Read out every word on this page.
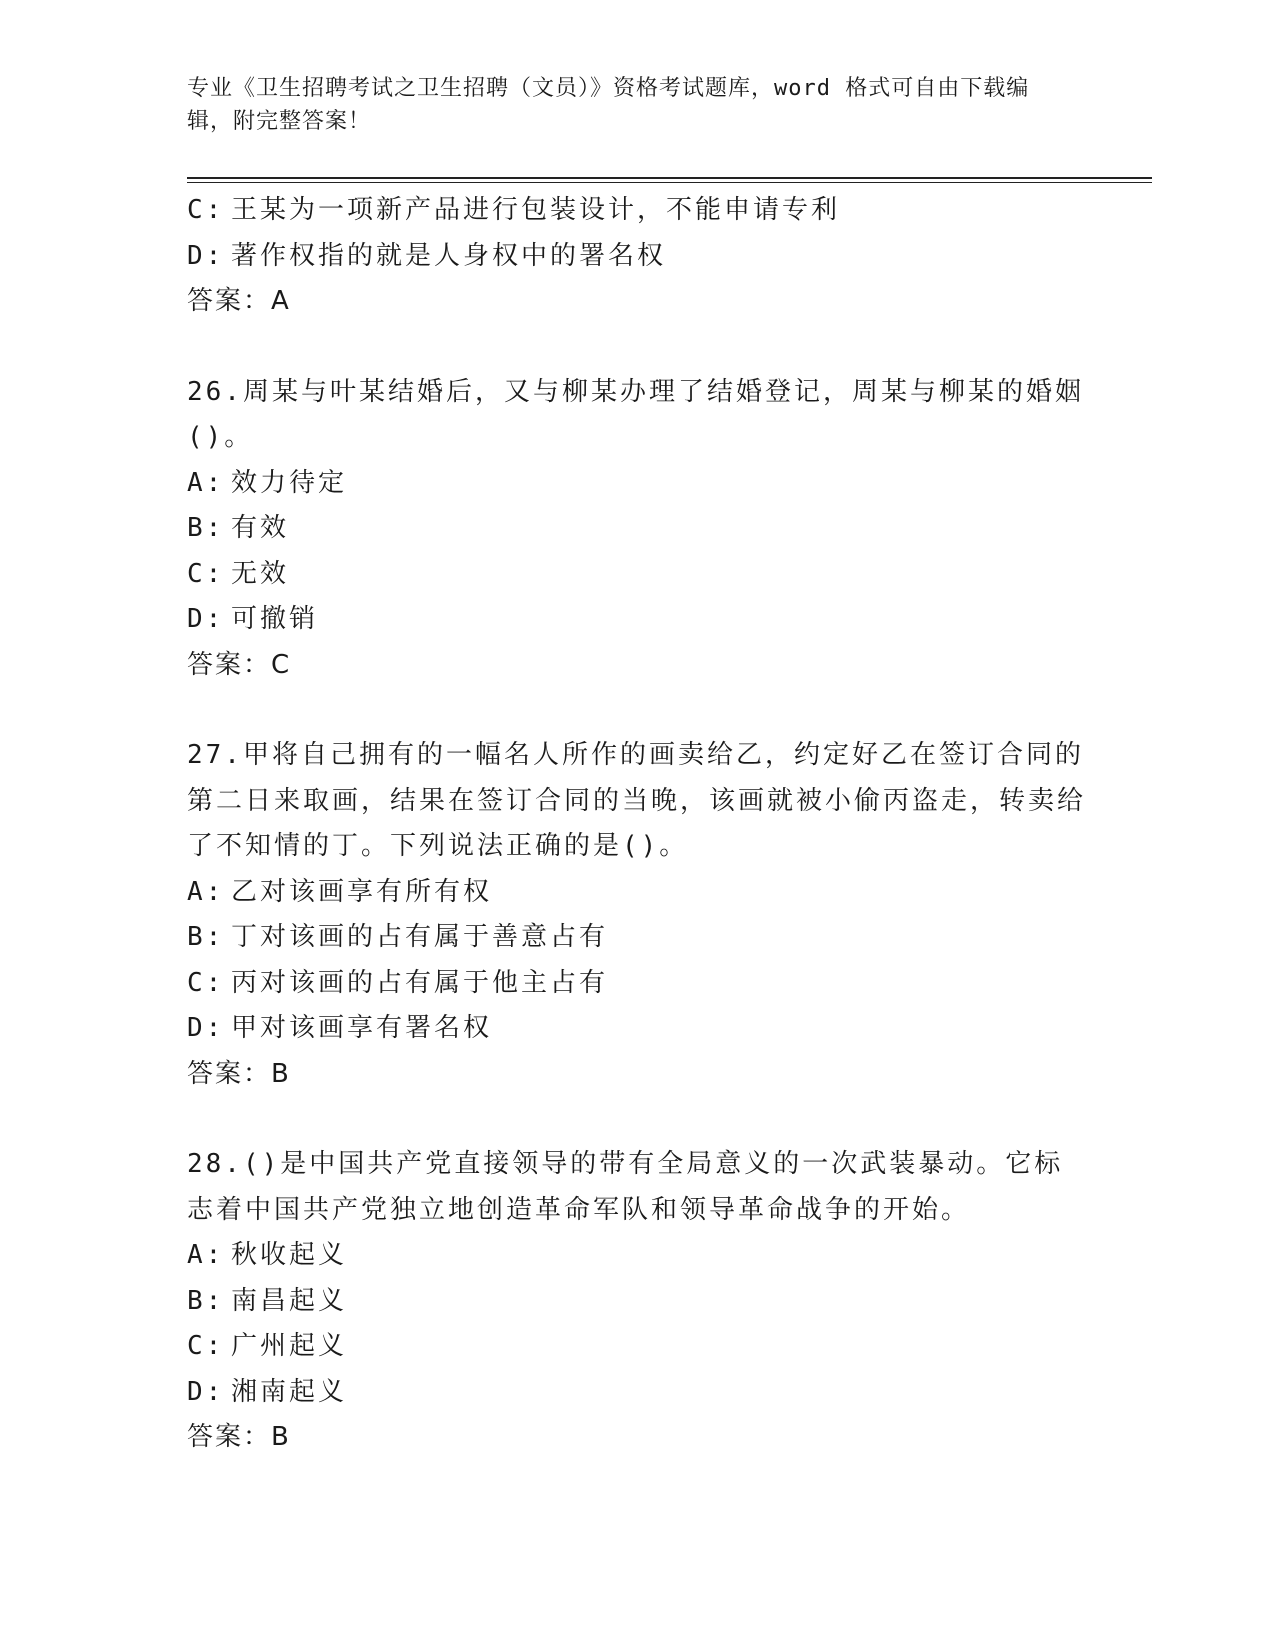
专业《卫生招聘考试之卫生招聘（文员）》资格考试题库，word 格式可自由下载编辑，附完整答案！
C: 王某为一项新产品进行包装设计，不能申请专利
D: 著作权指的就是人身权中的署名权
答案：A
26.周某与叶某结婚后，又与柳某办理了结婚登记，周某与柳某的婚姻()。
A: 效力待定
B: 有效
C: 无效
D: 可撤销
答案：C
27.甲将自己拥有的一幅名人所作的画卖给乙，约定好乙在签订合同的第二日来取画，结果在签订合同的当晚，该画就被小偷丙盗走，转卖给了不知情的丁。下列说法正确的是()。
A: 乙对该画享有所有权
B: 丁对该画的占有属于善意占有
C: 丙对该画的占有属于他主占有
D: 甲对该画享有署名权
答案：B
28.()是中国共产党直接领导的带有全局意义的一次武装暴动。它标志着中国共产党独立地创造革命军队和领导革命战争的开始。
A: 秋收起义
B: 南昌起义
C: 广州起义
D: 湘南起义
答案：B
